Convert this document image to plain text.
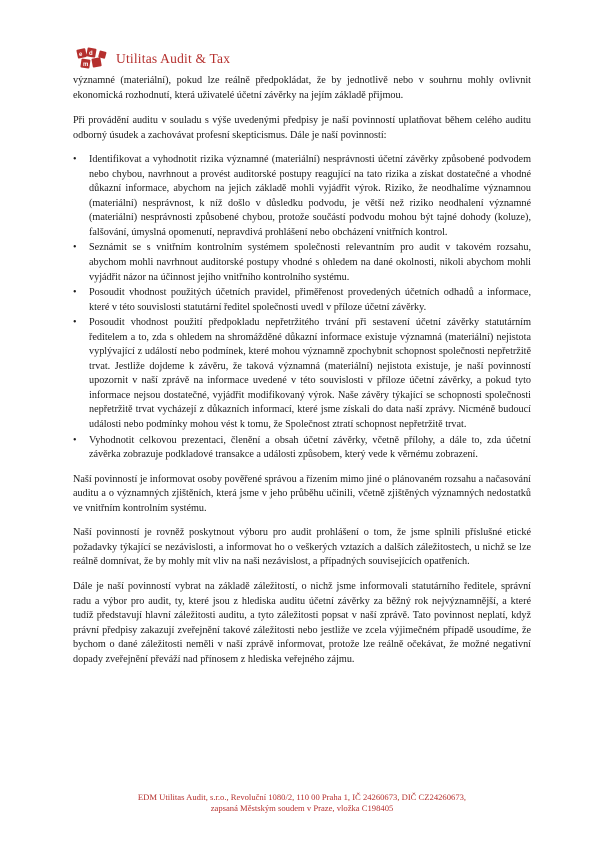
e d
m Utilitas Audit & Tax

významné (materiální), pokud lze reálně předpokládat, že by jednotlivě nebo v souhrnu mohly ovlivnit ekonomická rozhodnutí, která uživatelé účetní závěrky na jejím základě přijmou.

Při provádění auditu v souladu s výše uvedenými předpisy je naší povinností uplatňovat během celého auditu odborný úsudek a zachovávat profesní skepticismus. Dále je naší povinností:

• Identifikovat a vyhodnotit rizika významné (materiální) nesprávnosti účetní závěrky způsobené podvodem nebo chybou, navrhnout a provést auditorské postupy reagující na tato rizika a získat dostatečné a vhodné důkazní informace, abychom na jejich základě mohli vyjádřit výrok. Riziko, že neodhalíme významnou (materiální) nesprávnost, k níž došlo v důsledku podvodu, je větší než riziko neodhalení významné (materiální) nesprávnosti způsobené chybou, protože součástí podvodu mohou být tajné dohody (koluze), falšování, úmyslná opomenutí, nepravdivá prohlášení nebo obcházení vnitřních kontrol.
• Seznámit se s vnitřním kontrolním systémem společnosti relevantním pro audit v takovém rozsahu, abychom mohli navrhnout auditorské postupy vhodné s ohledem na dané okolnosti, nikoli abychom mohli vyjádřit názor na účinnost jejího vnitřního kontrolního systému.
• Posoudit vhodnost použitých účetních pravidel, přiměřenost provedených účetních odhadů a informace, které v této souvislosti statutární ředitel společnosti uvedl v příloze účetní závěrky.
• Posoudit vhodnost použití předpokladu nepřetržitého trvání při sestavení účetní závěrky statutárním ředitelem a to, zda s ohledem na shromážděné důkazní informace existuje významná (materiální) nejistota vyplývající z událostí nebo podmínek, které mohou významně zpochybnit schopnost společnosti nepřetržitě trvat. Jestliže dojdeme k závěru, že taková významná (materiální) nejistota existuje, je naší povinností upozornit v naší zprávě na informace uvedené v této souvislosti v příloze účetní závěrky, a pokud tyto informace nejsou dostatečné, vyjádřit modifikovaný výrok. Naše závěry týkající se schopnosti společnosti nepřetržitě trvat vycházejí z důkazních informací, které jsme získali do data naší zprávy. Nicméně budoucí události nebo podmínky mohou vést k tomu, že Společnost ztratí schopnost nepřetržitě trvat.
• Vyhodnotit celkovou prezentaci, členění a obsah účetní závěrky, včetně přílohy, a dále to, zda účetní závěrka zobrazuje podkladové transakce a události způsobem, který vede k věrnému zobrazení.

Naší povinností je informovat osoby pověřené správou a řízením mimo jiné o plánovaném rozsahu a načasování auditu a o významných zjištěních, která jsme v jeho průběhu učinili, včetně zjištěných významných nedostatků ve vnitřním kontrolním systému.

Naší povinností je rovněž poskytnout výboru pro audit prohlášení o tom, že jsme splnili příslušné etické požadavky týkající se nezávislosti, a informovat ho o veškerých vztazích a dalších záležitostech, u nichž se lze reálně domnívat, že by mohly mít vliv na naši nezávislost, a případných souvisejících opatřeních.

Dále je naší povinností vybrat na základě záležitostí, o nichž jsme informovali statutárního ředitele, správní radu a výbor pro audit, ty, které jsou z hlediska auditu účetní závěrky za běžný rok nejvýznamnější, a které tudíž představují hlavní záležitosti auditu, a tyto záležitosti popsat v naší zprávě. Tato povinnost neplatí, když právní předpisy zakazují zveřejnění takové záležitosti nebo jestliže ve zcela výjimečném případě usoudíme, že bychom o dané záležitosti neměli v naší zprávě informovat, protože lze reálně očekávat, že možné negativní dopady zveřejnění převáží nad přínosem z hlediska veřejného zájmu.

EDM Utilitas Audit, s.r.o., Revoluční 1080/2, 110 00 Praha 1, IČ 24260673, DIČ CZ24260673,
zapsaná Městským soudem v Praze, vložka C198405
